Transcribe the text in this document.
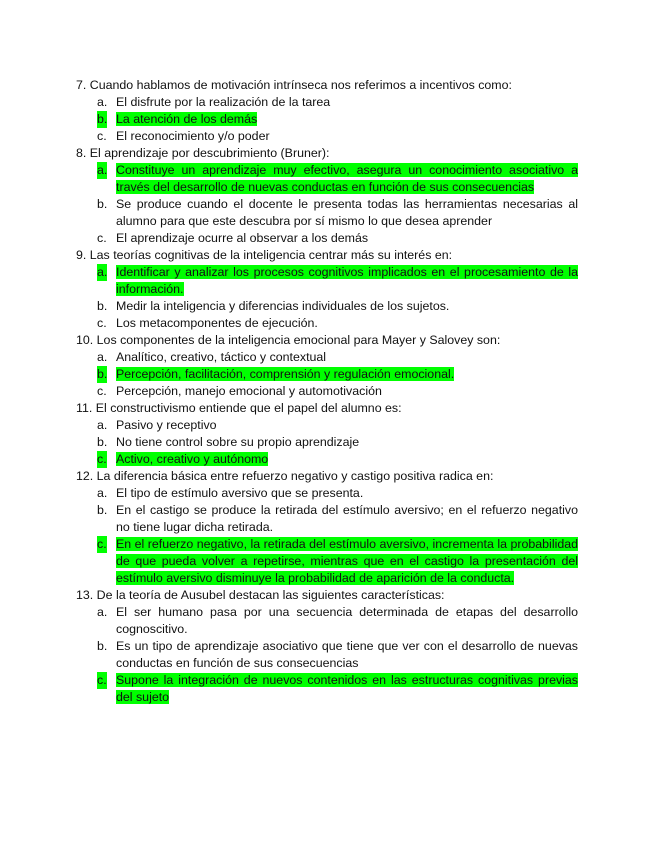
7. Cuando hablamos de motivación intrínseca nos referimos a incentivos como:
a. El disfrute por la realización de la tarea
b. La atención de los demás
c. El reconocimiento y/o poder
8. El aprendizaje por descubrimiento (Bruner):
a. Constituye un aprendizaje muy efectivo, asegura un conocimiento asociativo a través del desarrollo de nuevas conductas en función de sus consecuencias
b. Se produce cuando el docente le presenta todas las herramientas necesarias al alumno para que este descubra por sí mismo lo que desea aprender
c. El aprendizaje ocurre al observar a los demás
9. Las teorías cognitivas de la inteligencia centrar más su interés en:
a. Identificar y analizar los procesos cognitivos implicados en el procesamiento de la información.
b. Medir la inteligencia y diferencias individuales de los sujetos.
c. Los metacomponentes de ejecución.
10. Los componentes de la inteligencia emocional para Mayer y Salovey son:
a. Analítico, creativo, táctico y contextual
b. Percepción, facilitación, comprensión y regulación emocional.
c. Percepción, manejo emocional y automotivación
11. El constructivismo entiende que el papel del alumno es:
a. Pasivo y receptivo
b. No tiene control sobre su propio aprendizaje
c. Activo, creativo y autónomo
12. La diferencia básica entre refuerzo negativo y castigo positiva radica en:
a. El tipo de estímulo aversivo que se presenta.
b. En el castigo se produce la retirada del estímulo aversivo; en el refuerzo negativo no tiene lugar dicha retirada.
c. En el refuerzo negativo, la retirada del estímulo aversivo, incrementa la probabilidad de que pueda volver a repetirse, mientras que en el castigo la presentación del estímulo aversivo disminuye la probabilidad de aparición de la conducta.
13. De la teoría de Ausubel destacan las siguientes características:
a. El ser humano pasa por una secuencia determinada de etapas del desarrollo cognoscitivo.
b. Es un tipo de aprendizaje asociativo que tiene que ver con el desarrollo de nuevas conductas en función de sus consecuencias
c. Supone la integración de nuevos contenidos en las estructuras cognitivas previas del sujeto
